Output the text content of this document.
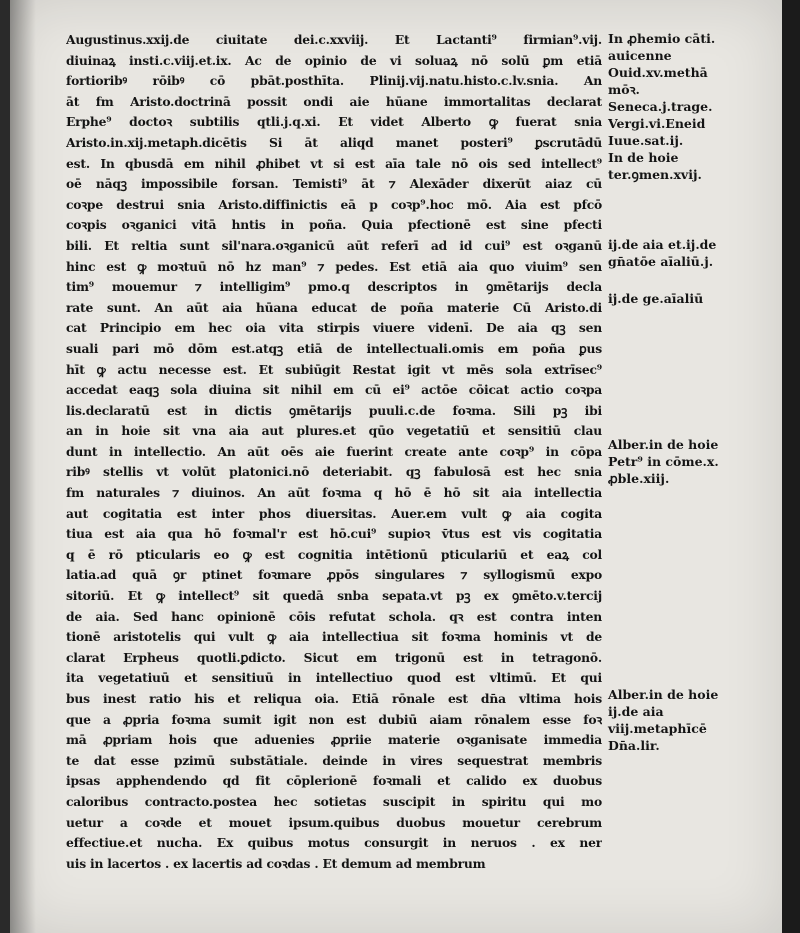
Augustinus.xxij.de ciuitate dei.c.xxviij. Et Lactanti⁹ firmian⁹.vij.
diuinaꝝ insti.c.viij.et.ix. Ac de opinio de vi soluaꝝ nō solū ꝑm etiā
fortioribꝰ rōibꝰ cō pbāt.posthīta. Plinij.vij.natu.histo.c.lv.snia. An
āt fm Aristo.doctrinā possit ondi aie hūane immortalitas declarat
Erphe⁹ doctoꝛ subtilis qtli.j.q.xi. Et videt Alberto ꝙ fuerat snia
Aristo.in.xij.metaph.dicētis Si āt aliqd manet posteri⁹ ꝑscrutādū
est. In qbusdā em nihil ꝓhibet vt si est aīa tale nō ois sed intellect⁹
oē nāqꝫ impossibile forsan. Temisti⁹ āt ⁊ Alexāder dixerūt aiaz cū
coꝛpe destrui snia Aristo.diffinictis eā p coꝛp⁹.hoc mō. Aia est pfcō
coꝛpis oꝛganici vitā hntis in poña. Quia pfectionē est sine pfecti
bili. Et reltia sunt sil'nara.oꝛganicū aūt referī ad id cui⁹ est oꝛganū
hinc est ꝙ moꝛtuū nō hz man⁹ ⁊ pedes. Est etiā aia quo viuim⁹ sen
tim⁹ mouemur ⁊ intelligim⁹ pmo.q descriptos in ꝯmētarijs decla
rate sunt. An aūt aia hūana educat de poña materie Cū Aristo.di
cat Principio em hec oia vita stirpis viuere videnī. De aia qꝫ sen
suali pari mō dōm est.atqꝫ etiā de intellectuali.omis em poña ꝑus
hīt ꝙ actu necesse est. Et subiūgit Restat igit vt mēs sola extrīsec⁹
accedat eaqꝫ sola diuina sit nihil em cū ei⁹ actōe cōicat actio coꝛpa
lis.declaratū est in dictis ꝯmētarijs puuli.c.de foꝛma. Sili pꝫ ibi
an in hoie sit vna aia aut plures.et qūo vegetatiū et sensitiū clau
dunt in intellectio. An aūt oēs aie fuerint create ante coꝛp⁹ in cōpa
ribꝰ stellis vt volūt platonici.nō deteriabit. qꝫ fabulosā est hec snia
fm naturales ⁊ diuinos. An aūt foꝛma q hō ē hō sit aia intellectia
aut cogitatia est inter phos diuersitas. Auer.em vult ꝙ aia cogita
tiua est aia qua hō foꝛmal'r est hō.cui⁹ supioꝛ v̄tus est vis cogitatia
q ē rō pticularis eo ꝙ est cognitia intētionū pticulariū et eaꝝ col
latia.ad quā ꝯr ptinet foꝛmare ꝓpōs singulares ⁊ syllogismū expo
sitoriū. Et ꝙ intellect⁹ sit quedā snba sepata.vt pꝫ ex ꝯmēto.v.tercij
de aia. Sed hanc opinionē cōis refutat schola. qꝛ est contra inten
tionē aristotelis qui vult ꝙ aia intellectiua sit foꝛma hominis vt de
clarat Erpheus quotli.ꝑdicto. Sicut em trigonū est in tetragonō.
ita vegetatiuū et sensitiuū in intellectiuo quod est vltimū. Et qui
bus inest ratio his et reliqua oia. Etiā rōnale est dn̄a vltima hois
que a ꝓpria foꝛma sumit igit non est dubiū aiam rōnalem esse foꝛ
mā ꝓpriam hois que aduenies ꝓpriie materie oꝛganisate immedia
te dat esse pzimū substātiale. deinde in vires sequestrat membris
ipsas apphendendo qd fit cōplerionē foꝛmali et calido ex duobus
caloribus contracto.postea hec sotietas suscipit in spiritu qui mo
uetur a coꝛde et mouet ipsum.quibus duobus mouetur cerebrum
effectiue.et nucha. Ex quibus motus consurgit in neruos . ex ner
uis in lacertos . ex lacertis ad coꝛdas . Et demum ad membrum
In ꝓhemio cāti.
auicenne
Ouid.xv.methā
mōꝛ.
Seneca.j.trage.
Vergi.vi.Eneid
Iuue.sat.ij.
In de hoie
ter.ꝯmen.xvij.
ij.de aia et.ij.de
gn̄atōe aīaliū.j.
ij.de ge.aīaliū
Alber.in de hoie
Petr⁹ in cōme.x.
ꝓble.xiij.
Alber.in de hoie
ij.de aia
viij.metaphīcē
Dn̄a.lir.
